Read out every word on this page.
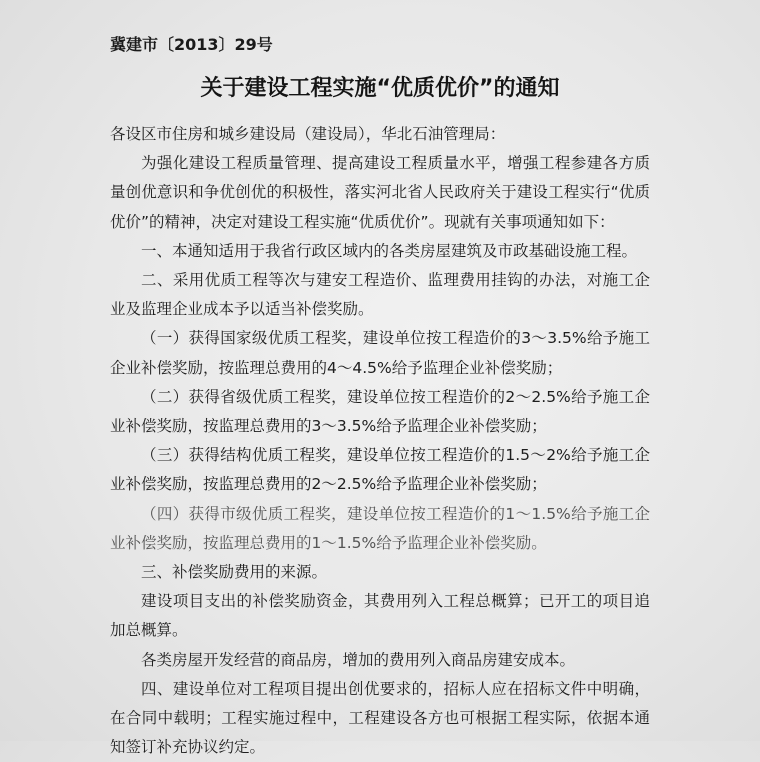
冀建市〔2013〕29号
关于建设工程实施“优质优价”的通知

各设区市住房和城乡建设局（建设局），华北石油管理局：

为强化建设工程质量管理、提高建设工程质量水平，增强工程参建各方质量创优意识和争优创优的积极性，落实河北省人民政府关于建设工程实行“优质优价”的精神，决定对建设工程实施“优质优价”。现就有关事项通知如下：

一、本通知适用于我省行政区域内的各类房屋建筑及市政基础设施工程。

二、采用优质工程等次与建安工程造价、监理费用挂钩的办法，对施工企业及监理企业成本予以适当补偿奖励。

（一）获得国家级优质工程奖，建设单位按工程造价的3～3.5%给予施工企业补偿奖励，按监理总费用的4～4.5%给予监理企业补偿奖励；

（二）获得省级优质工程奖，建设单位按工程造价的2～2.5%给予施工企业补偿奖励，按监理总费用的3～3.5%给予监理企业补偿奖励；

（三）获得结构优质工程奖，建设单位按工程造价的1.5～2%给予施工企业补偿奖励，按监理总费用的2～2.5%给予监理企业补偿奖励；

（四）获得市级优质工程奖，建设单位按工程造价的1～1.5%给予施工企业补偿奖励，按监理总费用的1～1.5%给予监理企业补偿奖励。

三、补偿奖励费用的来源。

建设项目支出的补偿奖励资金，其费用列入工程总概算；已开工的项目追加总概算。

各类房屋开发经营的商品房，增加的费用列入商品房建安成本。

四、建设单位对工程项目提出创优要求的，招标人应在招标文件中明确，在合同中载明；工程实施过程中，工程建设各方也可根据工程实际，依据本通知签订补充协议约定。
